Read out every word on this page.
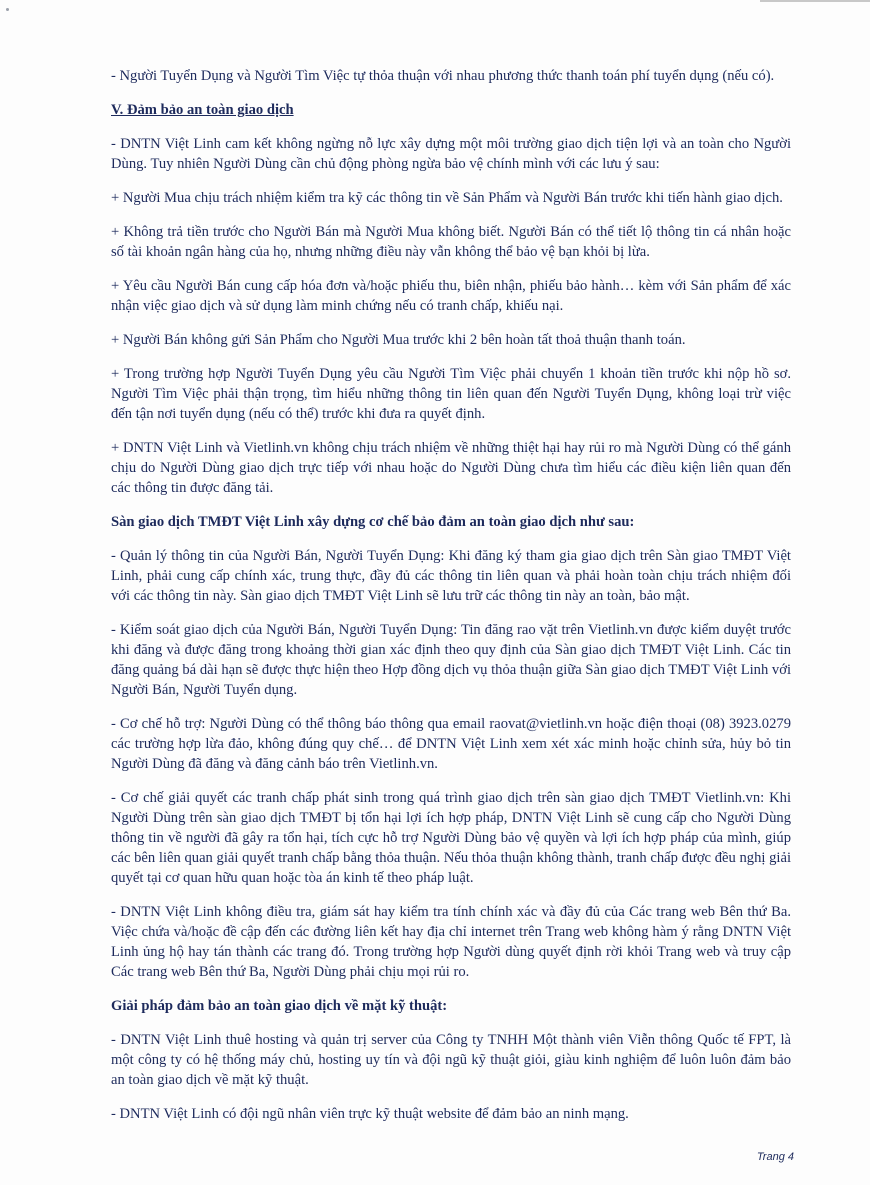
- Người Tuyển Dụng và Người Tìm Việc tự thỏa thuận với nhau phương thức thanh toán phí tuyển dụng (nếu có).

V. Đảm bảo an toàn giao dịch

- DNTN Việt Linh cam kết không ngừng nỗ lực xây dựng một môi trường giao dịch tiện lợi và an toàn cho Người Dùng. Tuy nhiên Người Dùng cần chủ động phòng ngừa bảo vệ chính mình với các lưu ý sau:

+ Người Mua chịu trách nhiệm kiểm tra kỹ các thông tin về Sản Phẩm và Người Bán trước khi tiến hành giao dịch.

+ Không trả tiền trước cho Người Bán mà Người Mua không biết. Người Bán có thể tiết lộ thông tin cá nhân hoặc số tài khoản ngân hàng của họ, nhưng những điều này vẫn không thể bảo vệ bạn khỏi bị lừa.

+ Yêu cầu Người Bán cung cấp hóa đơn và/hoặc phiếu thu, biên nhận, phiếu bảo hành… kèm với Sản phẩm để xác nhận việc giao dịch và sử dụng làm minh chứng nếu có tranh chấp, khiếu nại.

+ Người Bán không gửi Sản Phẩm cho Người Mua trước khi 2 bên hoàn tất thoả thuận thanh toán.

+ Trong trường hợp Người Tuyển Dụng yêu cầu Người Tìm Việc phải chuyển 1 khoản tiền trước khi nộp hồ sơ. Người Tìm Việc phải thận trọng, tìm hiểu những thông tin liên quan đến Người Tuyển Dụng, không loại trừ việc đến tận nơi tuyển dụng (nếu có thể) trước khi đưa ra quyết định.

+ DNTN Việt Linh và Vietlinh.vn không chịu trách nhiệm về những thiệt hại hay rủi ro mà Người Dùng có thể gánh chịu do Người Dùng giao dịch trực tiếp với nhau hoặc do Người Dùng chưa tìm hiểu các điều kiện liên quan đến các thông tin được đăng tải.

Sàn giao dịch TMĐT Việt Linh xây dựng cơ chế bảo đảm an toàn giao dịch như sau:

- Quản lý thông tin của Người Bán, Người Tuyển Dụng: Khi đăng ký tham gia giao dịch trên Sàn giao TMĐT Việt Linh, phải cung cấp chính xác, trung thực, đầy đủ các thông tin liên quan và phải hoàn toàn chịu trách nhiệm đối với các thông tin này. Sàn giao dịch TMĐT Việt Linh sẽ lưu trữ các thông tin này an toàn, bảo mật.

- Kiểm soát giao dịch của Người Bán, Người Tuyển Dụng: Tin đăng rao vặt trên Vietlinh.vn được kiểm duyệt trước khi đăng và được đăng trong khoảng thời gian xác định theo quy định của Sàn giao dịch TMĐT Việt Linh. Các tin đăng quảng bá dài hạn sẽ được thực hiện theo Hợp đồng dịch vụ thỏa thuận giữa Sàn giao dịch TMĐT Việt Linh với Người Bán, Người Tuyển dụng.

- Cơ chế hỗ trợ: Người Dùng có thể thông báo thông qua email raovat@vietlinh.vn hoặc điện thoại (08) 3923.0279 các trường hợp lừa đảo, không đúng quy chế… để DNTN Việt Linh xem xét xác minh hoặc chỉnh sửa, hủy bỏ tin Người Dùng đã đăng và đăng cảnh báo trên Vietlinh.vn.

- Cơ chế giải quyết các tranh chấp phát sinh trong quá trình giao dịch trên sàn giao dịch TMĐT Vietlinh.vn: Khi Người Dùng trên sàn giao dịch TMĐT bị tổn hại lợi ích hợp pháp, DNTN Việt Linh sẽ cung cấp cho Người Dùng thông tin về người đã gây ra tổn hại, tích cực hỗ trợ Người Dùng bảo vệ quyền và lợi ích hợp pháp của mình, giúp các bên liên quan giải quyết tranh chấp bằng thỏa thuận. Nếu thỏa thuận không thành, tranh chấp được đều nghị giải quyết tại cơ quan hữu quan hoặc tòa án kinh tế theo pháp luật.

- DNTN Việt Linh không điều tra, giám sát hay kiểm tra tính chính xác và đầy đủ của Các trang web Bên thứ Ba. Việc chứa và/hoặc đề cập đến các đường liên kết hay địa chỉ internet trên Trang web không hàm ý rằng DNTN Việt Linh ủng hộ hay tán thành các trang đó. Trong trường hợp Người dùng quyết định rời khỏi Trang web và truy cập Các trang web Bên thứ Ba, Người Dùng phải chịu mọi rủi ro.

Giải pháp đảm bảo an toàn giao dịch về mặt kỹ thuật:

- DNTN Việt Linh thuê hosting và quản trị server của Công ty TNHH Một thành viên Viễn thông Quốc tế FPT, là một công ty có hệ thống máy chủ, hosting uy tín và đội ngũ kỹ thuật giỏi, giàu kinh nghiệm để luôn luôn đảm bảo an toàn giao dịch về mặt kỹ thuật.

- DNTN Việt Linh có đội ngũ nhân viên trực kỹ thuật website để đảm bảo an ninh mạng.

Trang 4
